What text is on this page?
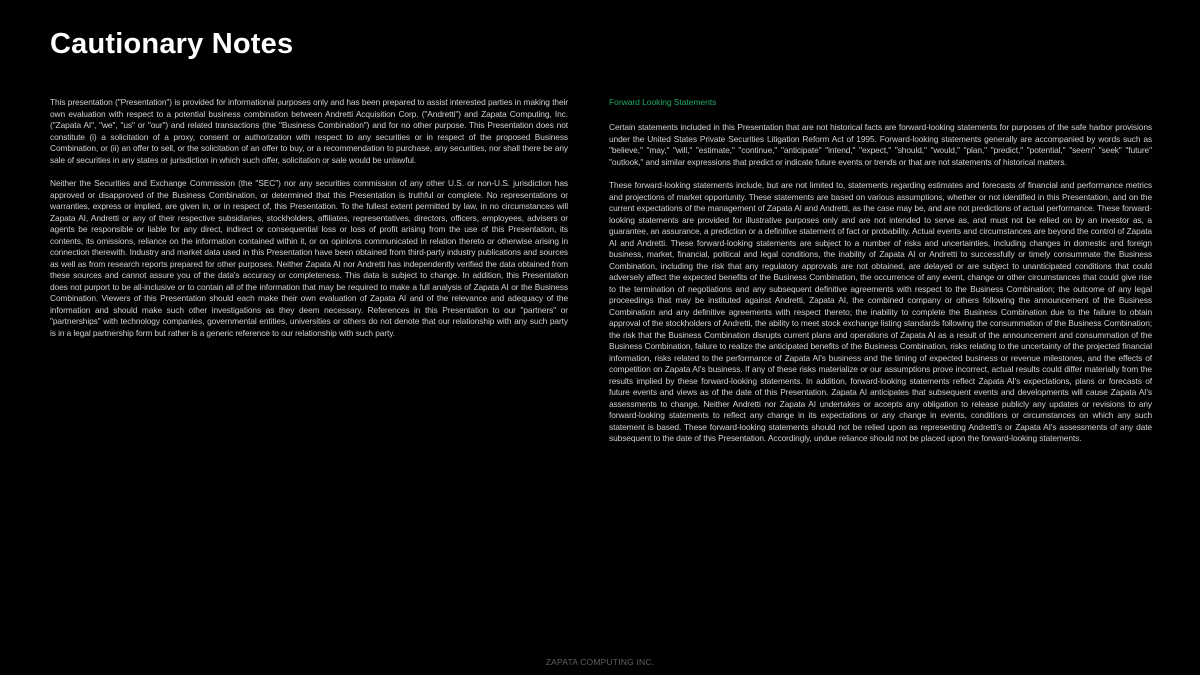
Cautionary Notes

This presentation ("Presentation") is provided for informational purposes only and has been prepared to assist interested parties in making their own evaluation with respect to a potential business combination between Andretti Acquisition Corp. ("Andretti") and Zapata Computing, Inc. ("Zapata AI", "we", "us" or "our") and related transactions (the "Business Combination") and for no other purpose. This Presentation does not constitute (i) a solicitation of a proxy, consent or authorization with respect to any securities or in respect of the proposed Business Combination, or (ii) an offer to sell, or the solicitation of an offer to buy, or a recommendation to purchase, any securities, nor shall there be any sale of securities in any states or jurisdiction in which such offer, solicitation or sale would be unlawful.

Neither the Securities and Exchange Commission (the "SEC") nor any securities commission of any other U.S. or non-U.S. jurisdiction has approved or disapproved of the Business Combination, or determined that this Presentation is truthful or complete. No representations or warranties, express or implied, are given in, or in respect of, this Presentation. To the fullest extent permitted by law, in no circumstances will Zapata AI, Andretti or any of their respective subsidiaries, stockholders, affiliates, representatives, directors, officers, employees, advisers or agents be responsible or liable for any direct, indirect or consequential loss or loss of profit arising from the use of this Presentation, its contents, its omissions, reliance on the information contained within it, or on opinions communicated in relation thereto or otherwise arising in connection therewith. Industry and market data used in this Presentation have been obtained from third-party industry publications and sources as well as from research reports prepared for other purposes. Neither Zapata AI nor Andretti has independently verified the data obtained from these sources and cannot assure you of the data's accuracy or completeness. This data is subject to change. In addition, this Presentation does not purport to be all-inclusive or to contain all of the information that may be required to make a full analysis of Zapata AI or the Business Combination. Viewers of this Presentation should each make their own evaluation of Zapata AI and of the relevance and adequacy of the information and should make such other investigations as they deem necessary. References in this Presentation to our "partners" or "partnerships" with technology companies, governmental entities, universities or others do not denote that our relationship with any such party is in a legal partnership form but rather is a generic reference to our relationship with such party.

Forward Looking Statements

Certain statements included in this Presentation that are not historical facts are forward-looking statements for purposes of the safe harbor provisions under the United States Private Securities Litigation Reform Act of 1995. Forward-looking statements generally are accompanied by words such as "believe," "may," "will," "estimate," "continue," "anticipate" "intend," "expect," "should," "would," "plan," "predict," "potential," "seem" "seek" "future" "outlook," and similar expressions that predict or indicate future events or trends or that are not statements of historical matters.

These forward-looking statements include, but are not limited to, statements regarding estimates and forecasts of financial and performance metrics and projections of market opportunity. These statements are based on various assumptions, whether or not identified in this Presentation, and on the current expectations of the management of Zapata AI and Andretti, as the case may be, and are not predictions of actual performance. These forward-looking statements are provided for illustrative purposes only and are not intended to serve as, and must not be relied on by an investor as, a guarantee, an assurance, a prediction or a definitive statement of fact or probability. Actual events and circumstances are beyond the control of Zapata AI and Andretti. These forward-looking statements are subject to a number of risks and uncertainties, including changes in domestic and foreign business, market, financial, political and legal conditions, the inability of Zapata AI or Andretti to successfully or timely consummate the Business Combination, including the risk that any regulatory approvals are not obtained, are delayed or are subject to unanticipated conditions that could adversely affect the expected benefits of the Business Combination, the occurrence of any event, change or other circumstances that could give rise to the termination of negotiations and any subsequent definitive agreements with respect to the Business Combination; the outcome of any legal proceedings that may be instituted against Andretti, Zapata AI, the combined company or others following the announcement of the Business Combination and any definitive agreements with respect thereto; the inability to complete the Business Combination due to the failure to obtain approval of the stockholders of Andretti, the ability to meet stock exchange listing standards following the consummation of the Business Combination; the risk that the Business Combination disrupts current plans and operations of Zapata AI as a result of the announcement and consummation of the Business Combination, failure to realize the anticipated benefits of the Business Combination, risks relating to the uncertainty of the projected financial information, risks related to the performance of Zapata AI's business and the timing of expected business or revenue milestones, and the effects of competition on Zapata AI's business. If any of these risks materialize or our assumptions prove incorrect, actual results could differ materially from the results implied by these forward-looking statements. In addition, forward-looking statements reflect Zapata AI's expectations, plans or forecasts of future events and views as of the date of this Presentation. Zapata AI anticipates that subsequent events and developments will cause Zapata AI's assessments to change. Neither Andretti nor Zapata AI undertakes or accepts any obligation to release publicly any updates or revisions to any forward-looking statements to reflect any change in its expectations or any change in events, conditions or circumstances on which any such statement is based. These forward-looking statements should not be relied upon as representing Andretti's or Zapata AI's assessments of any date subsequent to the date of this Presentation. Accordingly, undue reliance should not be placed upon the forward-looking statements.

ZAPATA COMPUTING INC.
